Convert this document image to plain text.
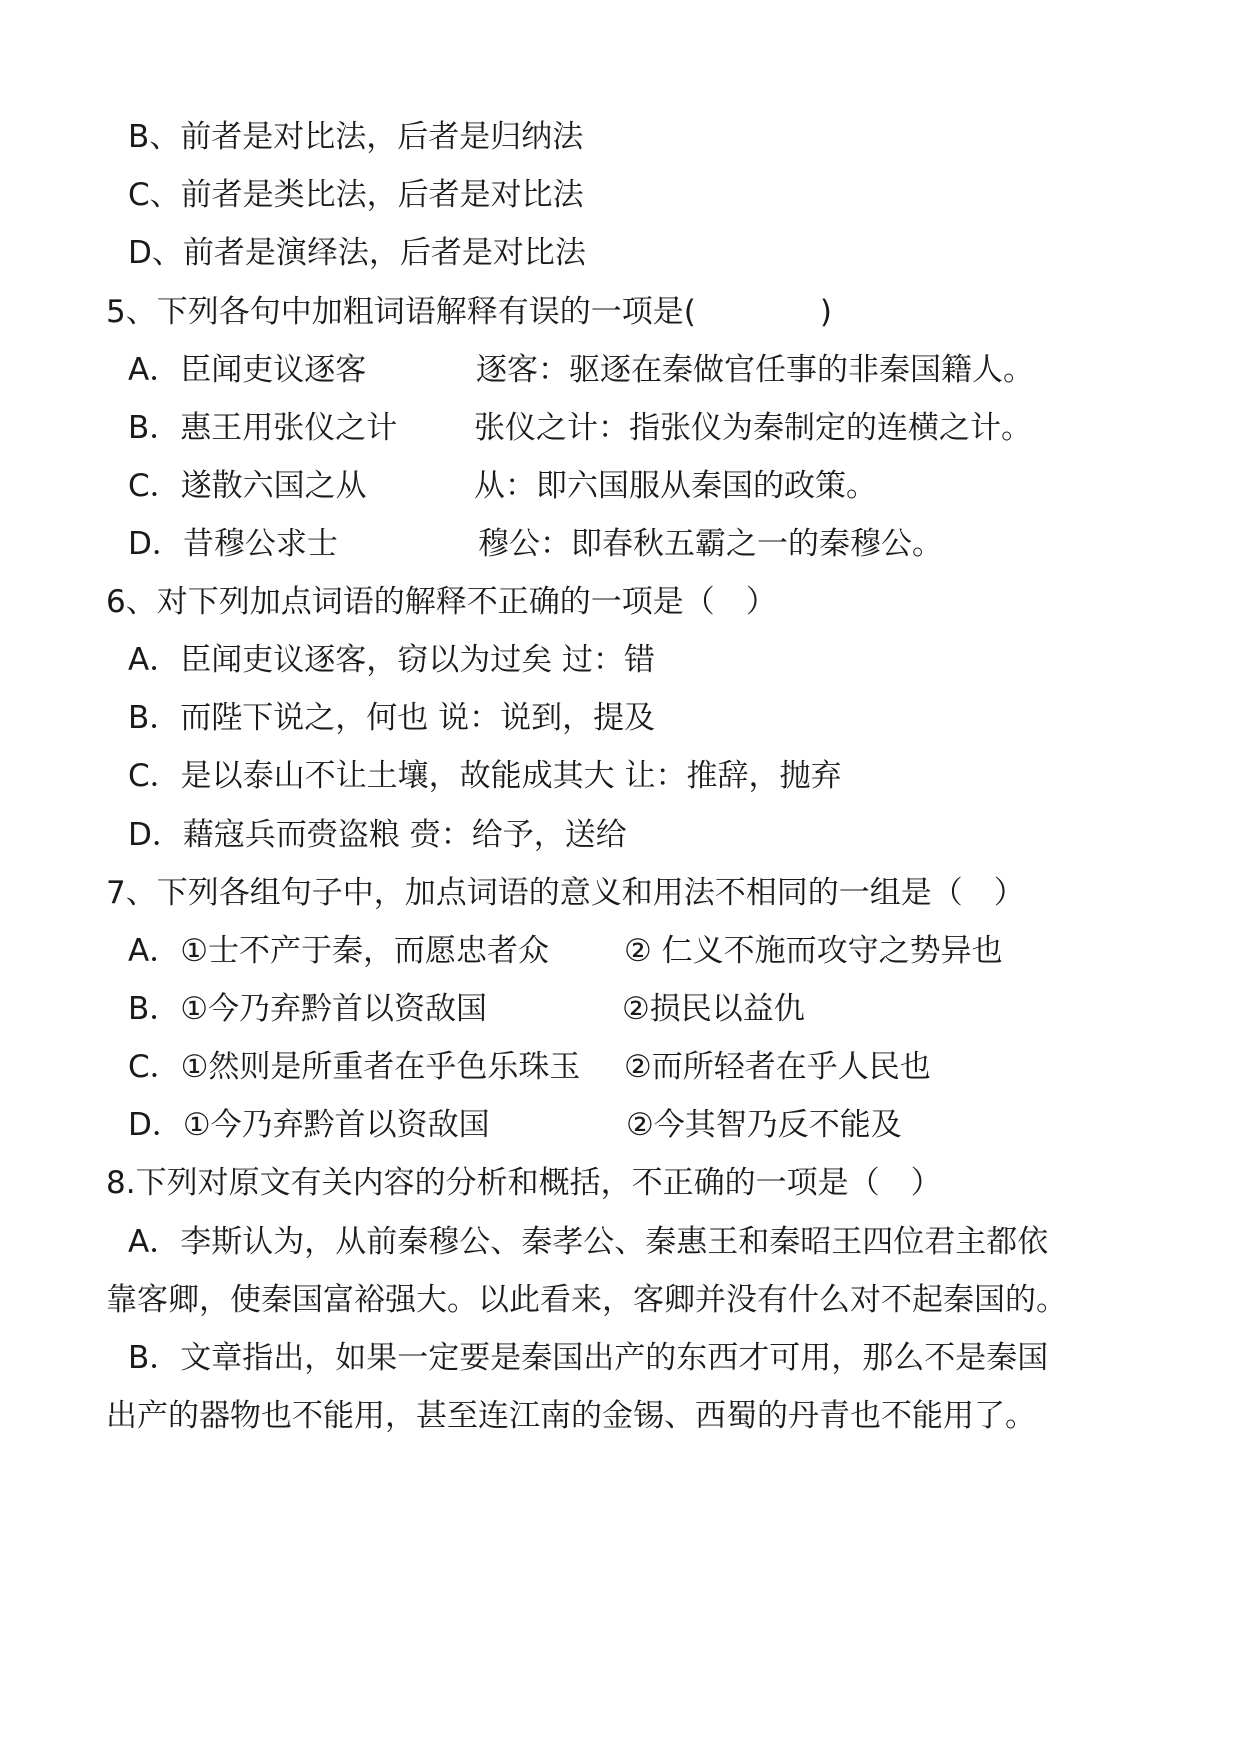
B、前者是对比法，后者是归纳法
C、前者是类比法，后者是对比法
D、前者是演绎法，后者是对比法
5、下列各句中加粗词语解释有误的一项是(　　　　)
A．臣闻吏议逐客	逐客：驱逐在秦做官任事的非秦国籍人。
B．惠王用张仪之计 张仪之计：指张仪为秦制定的连横之计。
C．遂散六国之从	从：即六国服从秦国的政策。
D．昔穆公求士	穆公：即春秋五霸之一的秦穆公。
6、对下列加点词语的解释不正确的一项是（　）
A．臣闻吏议逐客，窃以为过矣 过：错
B．而陛下说之，何也 说：说到，提及
C．是以泰山不让土壤，故能成其大 让：推辞，抛弃
D．藉寇兵而赍盗粮 赍：给予，送给
7、下列各组句子中，加点词语的意义和用法不相同的一组是（　）
A．①士不产于秦，而愿忠者众 ② 仁义不施而攻守之势异也
B．①今乃弃黔首以资敌国	②损民以益仇
C．①然则是所重者在乎色乐珠玉 ②而所轻者在乎人民也
D．①今乃弃黔首以资敌国	②今其智乃反不能及
8.下列对原文有关内容的分析和概括，不正确的一项是（　）
A．李斯认为，从前秦穆公、秦孝公、秦惠王和秦昭王四位君主都依
靠客卿，使秦国富裕强大。以此看来，客卿并没有什么对不起秦国的。
B．文章指出，如果一定要是秦国出产的东西才可用，那么不是秦国
出产的器物也不能用，甚至连江南的金锡、西蜀的丹青也不能用了。
